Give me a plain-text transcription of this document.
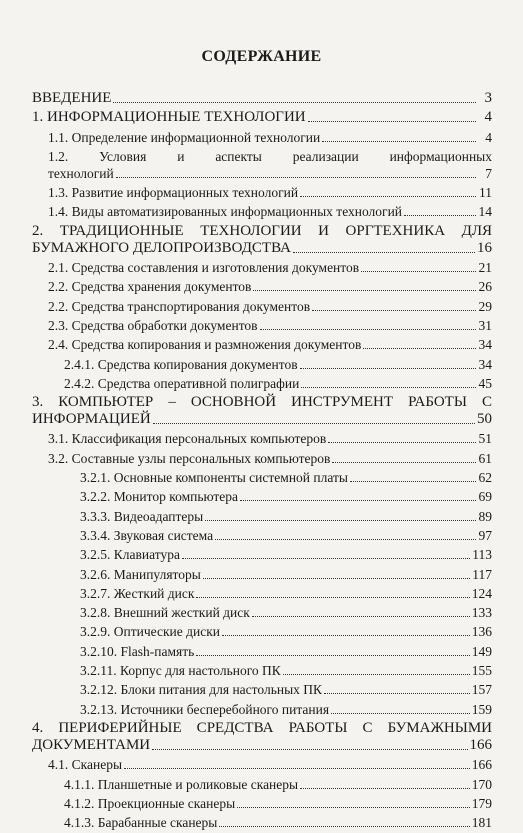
СОДЕРЖАНИЕ
ВВЕДЕНИЕ	3
1. ИНФОРМАЦИОННЫЕ ТЕХНОЛОГИИ	4
1.1. Определение информационной технологии	4
1.2. Условия и аспекты реализации информационных
технологий	7
1.3. Развитие информационных технологий	11
1.4. Виды автоматизированных информационных технологий	14
2. ТРАДИЦИОННЫЕ ТЕХНОЛОГИИ И ОРГТЕХНИКА ДЛЯ
БУМАЖНОГО ДЕЛОПРОИЗВОДСТВА	16
2.1. Средства составления и изготовления документов	21
2.2. Средства хранения документов	26
2.2. Средства транспортирования документов	29
2.3. Средства обработки документов	31
2.4. Средства копирования и размножения документов	34
2.4.1. Средства копирования документов	34
2.4.2. Средства оперативной полиграфии	45
3. КОМПЬЮТЕР – ОСНОВНОЙ ИНСТРУМЕНТ РАБОТЫ С
ИНФОРМАЦИЕЙ	50
3.1. Классификация персональных компьютеров	51
3.2. Составные узлы персональных компьютеров	61
3.2.1. Основные компоненты системной платы	62
3.2.2. Монитор компьютера	69
3.3.3. Видеоадаптеры	89
3.3.4. Звуковая система	97
3.2.5. Клавиатура	113
3.2.6. Манипуляторы	117
3.2.7. Жесткий диск	124
3.2.8. Внешний жесткий диск	133
3.2.9. Оптические диски	136
3.2.10. Flash-память	149
3.2.11. Корпус для настольного ПК	155
3.2.12. Блоки питания для настольных ПК	157
3.2.13. Источники бесперебойного питания	159
4. ПЕРИФЕРИЙНЫЕ СРЕДСТВА РАБОТЫ С БУМАЖНЫМИ
ДОКУМЕНТАМИ	166
4.1. Сканеры	166
4.1.1. Планшетные и роликовые сканеры	170
4.1.2. Проекционные сканеры	179
4.1.3. Барабанные сканеры	181
